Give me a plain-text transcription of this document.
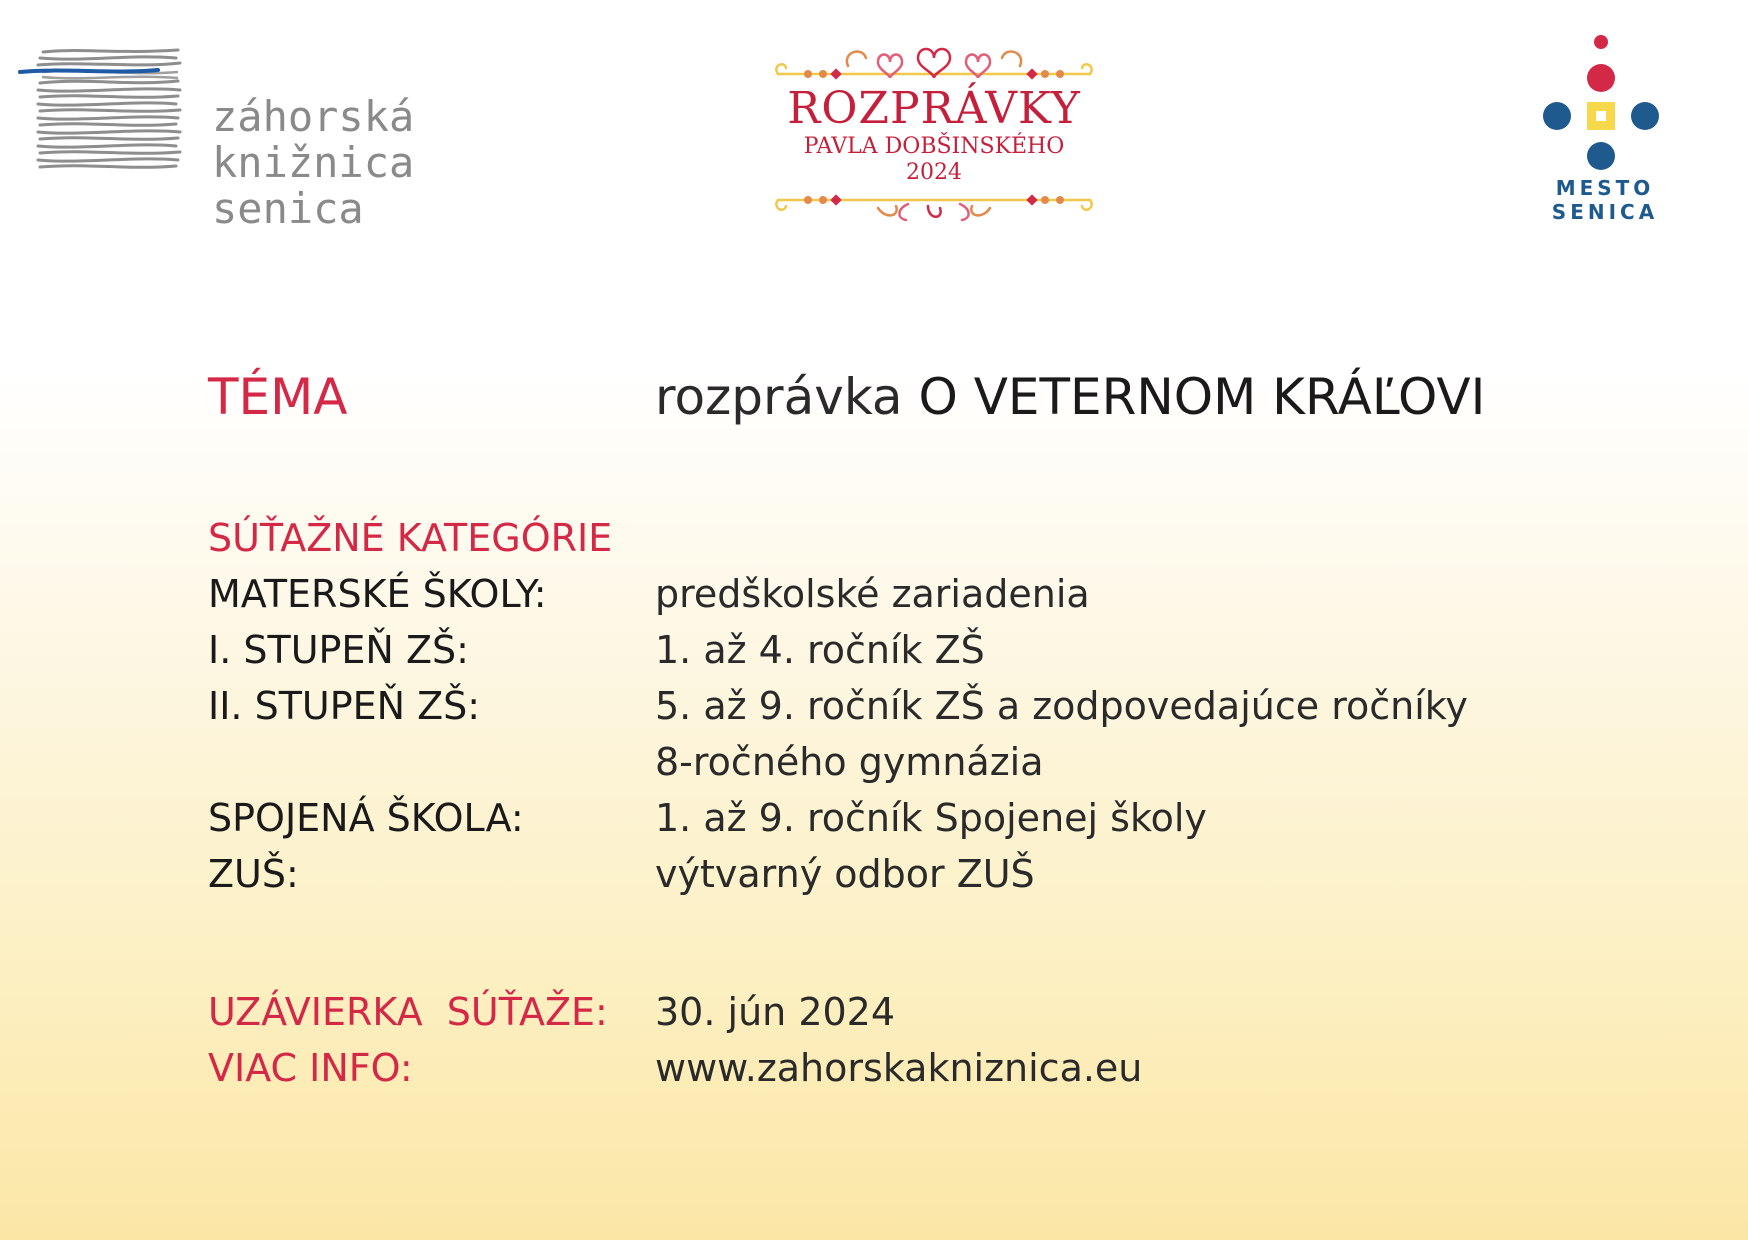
záhorská
knižnica
senica
ROZPRÁVKY
PAVLA DOBŠINSKÉHO
2024
MESTO
SENICA
TÉMA	rozprávka O VETERNOM KRÁĽOVI
SÚŤAŽNÉ KATEGÓRIE
MATERSKÉ ŠKOLY:	predškolské zariadenia
I. STUPEŇ ZŠ:	1. až 4. ročník ZŠ
II. STUPEŇ ZŠ:	5. až 9. ročník ZŠ a zodpovedajúce ročníky
8-ročného gymnázia
SPOJENÁ ŠKOLA:	1. až 9. ročník Spojenej školy
ZUŠ:	výtvarný odbor ZUŠ
UZÁVIERKA  SÚŤAŽE: 30. jún 2024
VIAC INFO:	www.zahorskakniznica.eu
